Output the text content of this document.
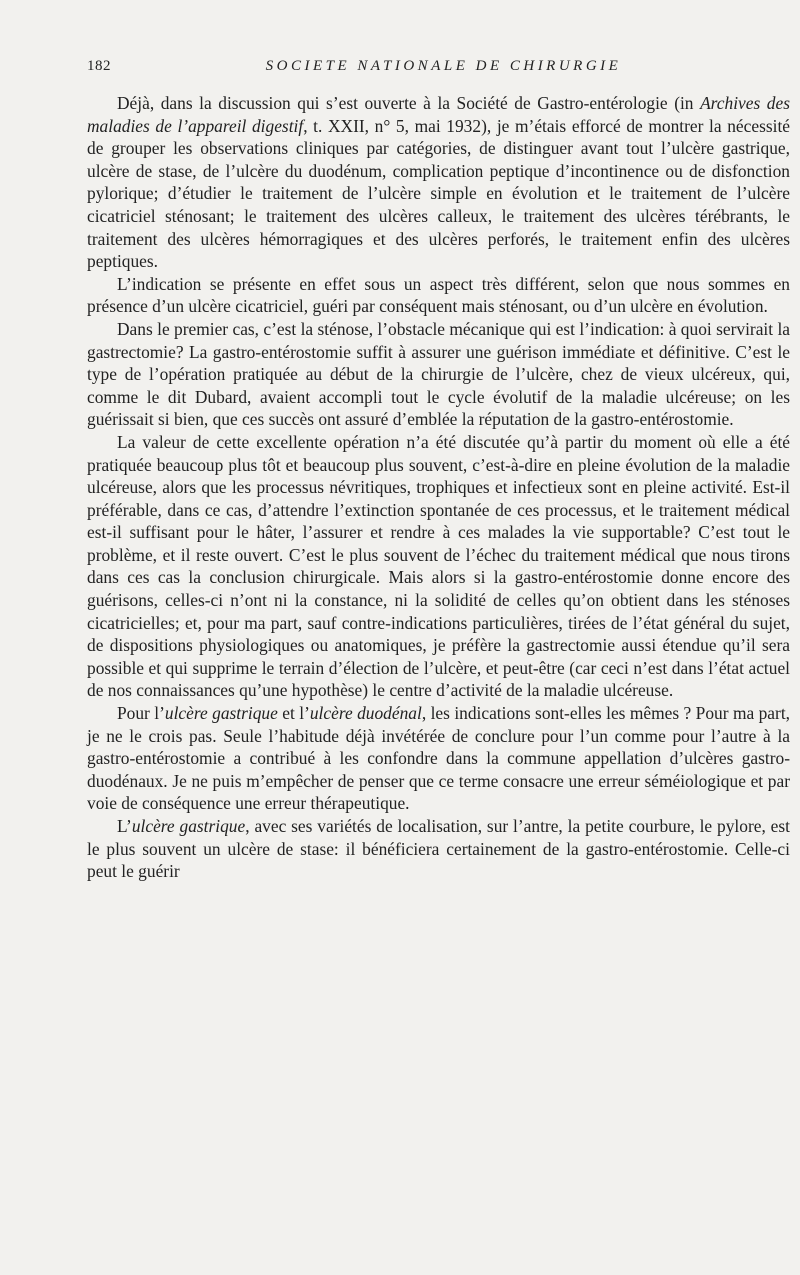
182	SOCIETE NATIONALE DE CHIRURGIE

Déjà, dans la discussion qui s’est ouverte à la Société de Gastro-entérologie (in Archives des maladies de l’appareil digestif, t. XXII, n° 5, mai 1932), je m’étais efforcé de montrer la nécessité de grouper les observations cliniques par catégories, de distinguer avant tout l’ulcère gastrique, ulcère de stase, de l’ulcère du duodénum, complication peptique d’incontinence ou de disfonction pylorique; d’étudier le traitement de l’ulcère simple en évolution et le traitement de l’ulcère cicatriciel sténosant; le traitement des ulcères calleux, le traitement des ulcères térébrants, le traitement des ulcères hémorragiques et des ulcères perforés, le traitement enfin des ulcères peptiques.

L’indication se présente en effet sous un aspect très différent, selon que nous sommes en présence d’un ulcère cicatriciel, guéri par conséquent mais sténosant, ou d’un ulcère en évolution.

Dans le premier cas, c’est la sténose, l’obstacle mécanique qui est l’indication: à quoi servirait la gastrectomie? La gastro-entérostomie suffit à assurer une guérison immédiate et définitive. C’est le type de l’opération pratiquée au début de la chirurgie de l’ulcère, chez de vieux ulcéreux, qui, comme le dit Dubard, avaient accompli tout le cycle évolutif de la maladie ulcéreuse; on les guérissait si bien, que ces succès ont assuré d’emblée la réputation de la gastro-entérostomie.

La valeur de cette excellente opération n’a été discutée qu’à partir du moment où elle a été pratiquée beaucoup plus tôt et beaucoup plus souvent, c’est-à-dire en pleine évolution de la maladie ulcéreuse, alors que les processus névritiques, trophiques et infectieux sont en pleine activité. Est-il préférable, dans ce cas, d’attendre l’extinction spontanée de ces processus, et le traitement médical est-il suffisant pour le hâter, l’assurer et rendre à ces malades la vie supportable? C’est tout le problème, et il reste ouvert. C’est le plus souvent de l’échec du traitement médical que nous tirons dans ces cas la conclusion chirurgicale. Mais alors si la gastro-entérostomie donne encore des guérisons, celles-ci n’ont ni la constance, ni la solidité de celles qu’on obtient dans les sténoses cicatricielles; et, pour ma part, sauf contre-indications particulières, tirées de l’état général du sujet, de dispositions physiologiques ou anatomiques, je préfère la gastrectomie aussi étendue qu’il sera possible et qui supprime le terrain d’élection de l’ulcère, et peut-être (car ceci n’est dans l’état actuel de nos connaissances qu’une hypothèse) le centre d’activité de la maladie ulcéreuse.

Pour l’ulcère gastrique et l’ulcère duodénal, les indications sont-elles les mêmes ? Pour ma part, je ne le crois pas. Seule l’habitude déjà invétérée de conclure pour l’un comme pour l’autre à la gastro-entérostomie a contribué à les confondre dans la commune appellation d’ulcères gastro-duodénaux. Je ne puis m’empêcher de penser que ce terme consacre une erreur séméiologique et par voie de conséquence une erreur thérapeutique.

L’ulcère gastrique, avec ses variétés de localisation, sur l’antre, la petite courbure, le pylore, est le plus souvent un ulcère de stase: il bénéficiera certainement de la gastro-entérostomie. Celle-ci peut le guérir
